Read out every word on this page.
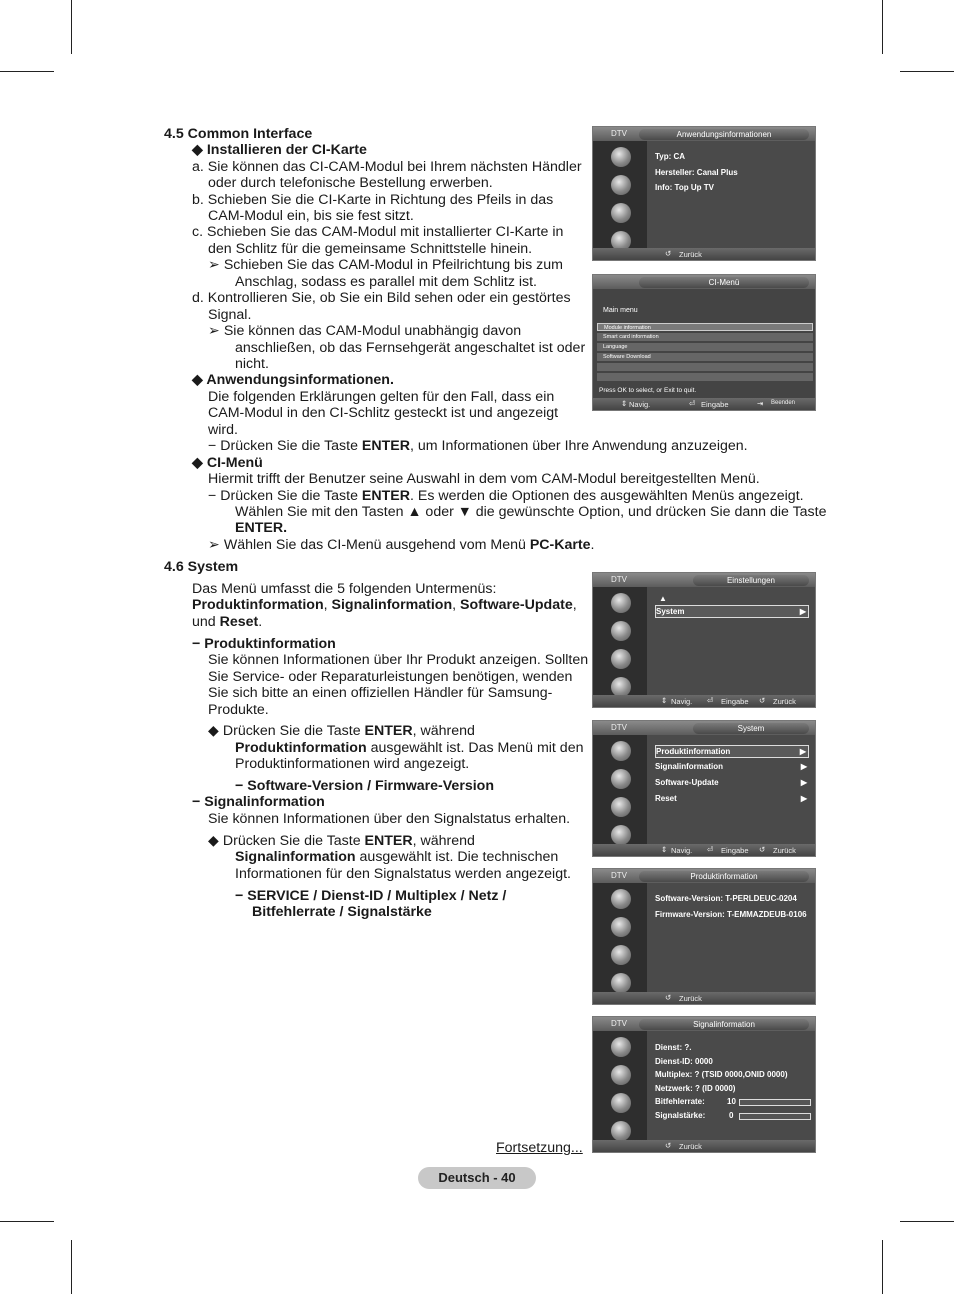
4.5 Common Interface
◆ Installieren der CI-Karte
a. Sie können das CI-CAM-Modul bei Ihrem nächsten Händler
oder durch telefonische Bestellung erwerben.
b. Schieben Sie die CI-Karte in Richtung des Pfeils in das
CAM-Modul ein, bis sie fest sitzt.
c. Schieben Sie das CAM-Modul mit installierter CI-Karte in
den Schlitz für die gemeinsame Schnittstelle hinein.
➢ Schieben Sie das CAM-Modul in Pfeilrichtung bis zum
Anschlag, sodass es parallel mit dem Schlitz ist.
d. Kontrollieren Sie, ob Sie ein Bild sehen oder ein gestörtes
Signal.
➢ Sie können das CAM-Modul unabhängig davon
anschließen, ob das Fernsehgerät angeschaltet ist oder
nicht.
◆ Anwendungsinformationen.
Die folgenden Erklärungen gelten für den Fall, dass ein
CAM-Modul in den CI-Schlitz gesteckt ist und angezeigt
wird.
− Drücken Sie die Taste ENTER, um Informationen über Ihre Anwendung anzuzeigen.
◆ CI-Menü
Hiermit trifft der Benutzer seine Auswahl in dem vom CAM-Modul bereitgestellten Menü.
− Drücken Sie die Taste ENTER. Es werden die Optionen des ausgewählten Menüs angezeigt.
Wählen Sie mit den Tasten ▲ oder ▼ die gewünschte Option, und drücken Sie dann die Taste
ENTER.
➢ Wählen Sie das CI-Menü ausgehend vom Menü PC-Karte.
4.6 System
Das Menü umfasst die 5 folgenden Untermenüs:
Produktinformation, Signalinformation, Software-Update,
und Reset.
− Produktinformation
Sie können Informationen über Ihr Produkt anzeigen. Sollten
Sie Service- oder Reparaturleistungen benötigen, wenden
Sie sich bitte an einen offiziellen Händler für Samsung-
Produkte.
◆ Drücken Sie die Taste ENTER, während
Produktinformation ausgewählt ist. Das Menü mit den
Produktinformationen wird angezeigt.
− Software-Version / Firmware-Version
− Signalinformation
Sie können Informationen über den Signalstatus erhalten.
◆ Drücken Sie die Taste ENTER, während
Signalinformation ausgewählt ist. Die technischen
Informationen für den Signalstatus werden angezeigt.
− SERVICE / Dienst-ID / Multiplex / Netz /
Bitfehlerrate / Signalstärke
Fortsetzung...
Deutsch - 40
DTV	Anwendungsinformationen
Typ: CA
Hersteller: Canal Plus
Info: Top Up TV
↺ Zurück
CI-Menü
Main menu
Module information
Smart card information
Language
Software Download
Press OK to select, or Exit to quit.
⇕ Navig.	⏎ Eingabe	⇥ Beenden
DTV	Einstellungen
▲
System	▶
⇕ Navig. ⏎ Eingabe ↺ Zurück
DTV	System
Produktinformation	▶
Signalinformation	▶
Software-Update	▶
Reset	▶
⇕ Navig. ⏎ Eingabe ↺ Zurück
DTV	Produktinformation
Software-Version: T-PERLDEUC-0204
Firmware-Version: T-EMMAZDEUB-0106
↺ Zurück
DTV	Signalinformation
Dienst: ?.
Dienst-ID: 0000
Multiplex: ? (TSID 0000,ONID 0000)
Netzwerk: ? (ID 0000)
Bitfehlerrate:	10
Signalstärke:	0
↺ Zurück
